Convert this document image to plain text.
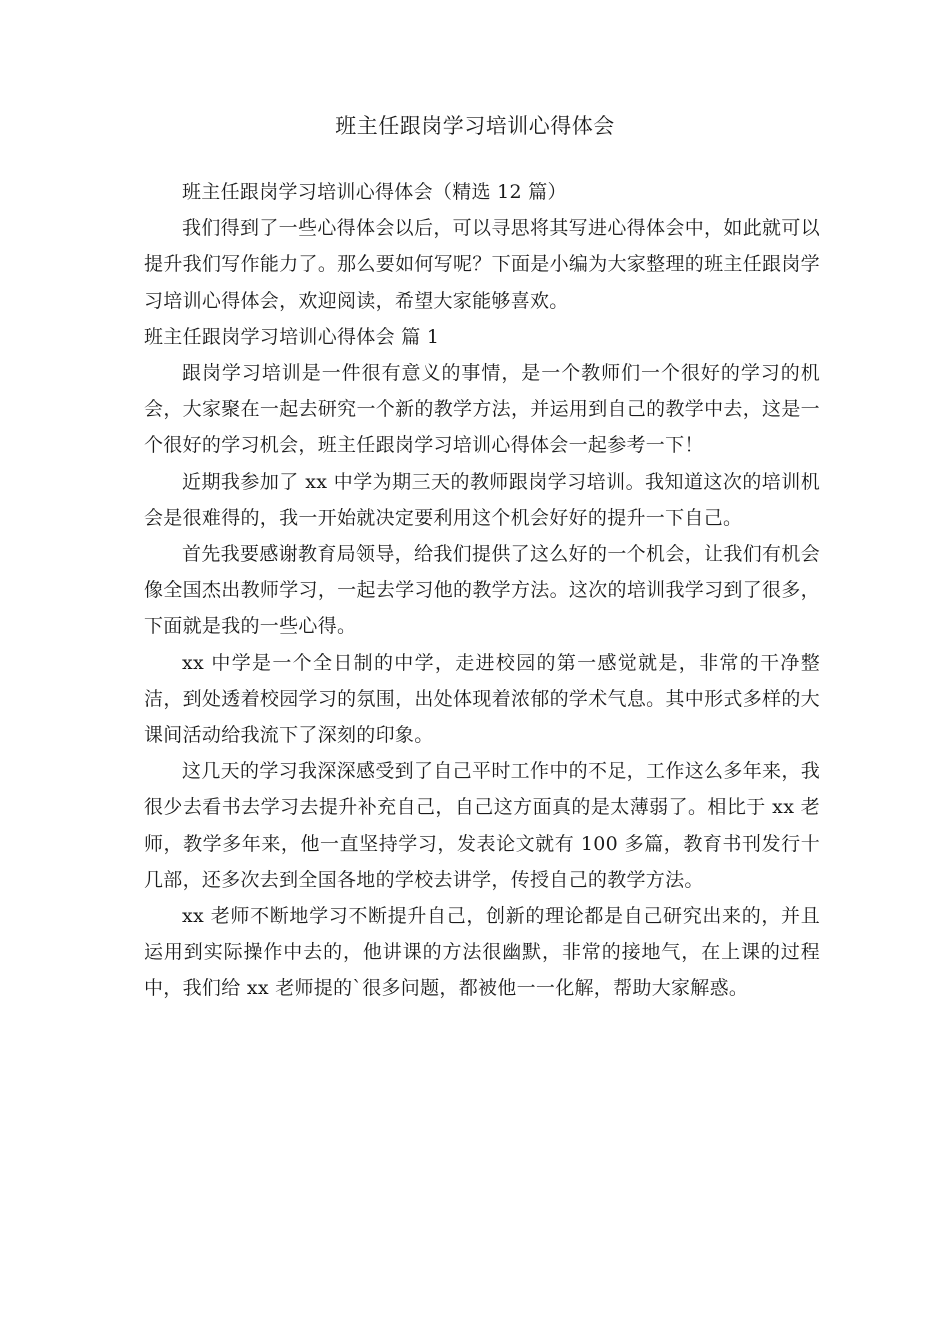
班主任跟岗学习培训心得体会

班主任跟岗学习培训心得体会（精选 12 篇）

我们得到了一些心得体会以后，可以寻思将其写进心得体会中，如此就可以提升我们写作能力了。那么要如何写呢？下面是小编为大家整理的班主任跟岗学习培训心得体会，欢迎阅读，希望大家能够喜欢。

班主任跟岗学习培训心得体会 篇 1

跟岗学习培训是一件很有意义的事情，是一个教师们一个很好的学习的机会，大家聚在一起去研究一个新的教学方法，并运用到自己的教学中去，这是一个很好的学习机会，班主任跟岗学习培训心得体会一起参考一下！

近期我参加了 xx 中学为期三天的教师跟岗学习培训。我知道这次的培训机会是很难得的，我一开始就决定要利用这个机会好好的提升一下自己。

首先我要感谢教育局领导，给我们提供了这么好的一个机会，让我们有机会像全国杰出教师学习，一起去学习他的教学方法。这次的培训我学习到了很多，下面就是我的一些心得。

xx 中学是一个全日制的中学，走进校园的第一感觉就是，非常的干净整洁，到处透着校园学习的氛围，出处体现着浓郁的学术气息。其中形式多样的大课间活动给我流下了深刻的印象。

这几天的学习我深深感受到了自己平时工作中的不足，工作这么多年来，我很少去看书去学习去提升补充自己，自己这方面真的是太薄弱了。相比于 xx 老师，教学多年来，他一直坚持学习，发表论文就有 100 多篇，教育书刊发行十几部，还多次去到全国各地的学校去讲学，传授自己的教学方法。

xx 老师不断地学习不断提升自己，创新的理论都是自己研究出来的，并且运用到实际操作中去的，他讲课的方法很幽默，非常的接地气，在上课的过程中，我们给 xx 老师提的`很多问题，都被他一一化解，帮助大家解惑。
